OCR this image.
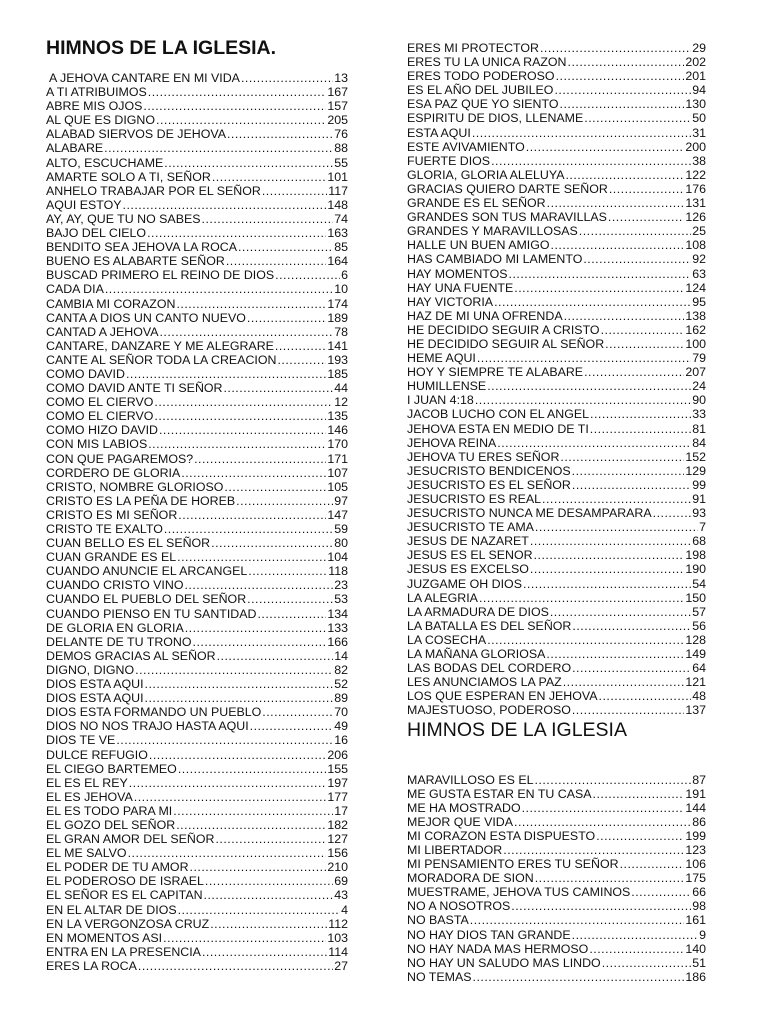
HIMNOS DE LA IGLESIA.
A JEHOVA CANTARE EN MI VIDA .....	13
A TI ATRIBUIMOS .....	167
ABRE MIS OJOS .....	157
AL QUE ES DIGNO .....	205
ALABAD SIERVOS DE JEHOVA .....	76
ALABARE .....	88
ALTO, ESCUCHAME .....	55
AMARTE SOLO A TI, SEÑOR .....	101
ANHELO TRABAJAR POR EL SEÑOR .....	117
AQUI ESTOY .....	148
AY, AY, QUE TU NO SABES .....	74
BAJO DEL CIELO .....	163
BENDITO SEA JEHOVA LA ROCA .....	85
BUENO ES ALABARTE SEÑOR .....	164
BUSCAD PRIMERO EL REINO DE DIOS .....	6
CADA DIA .....	10
CAMBIA MI CORAZON .....	174
CANTA A DIOS UN CANTO NUEVO .....	189
CANTAD A JEHOVA .....	78
CANTARE, DANZARE Y ME ALEGRARE .....	141
CANTE AL SEÑOR TODA LA CREACION .....	193
COMO DAVID .....	185
COMO DAVID ANTE TI SEÑOR .....	44
COMO EL CIERVO .....	12
COMO EL CIERVO .....	135
COMO HIZO DAVID .....	146
CON MIS LABIOS .....	170
CON QUE PAGAREMOS? .....	171
CORDERO DE GLORIA .....	107
CRISTO, NOMBRE GLORIOSO .....	105
CRISTO ES LA PEÑA DE HOREB .....	97
CRISTO ES MI SEÑOR .....	147
CRISTO TE EXALTO .....	59
CUAN BELLO ES EL SEÑOR .....	80
CUAN GRANDE ES EL .....	104
CUANDO ANUNCIE EL ARCANGEL .....	118
CUANDO CRISTO VINO .....	23
CUANDO EL PUEBLO DEL SEÑOR .....	53
CUANDO PIENSO EN TU SANTIDAD .....	134
DE GLORIA EN GLORIA .....	133
DELANTE DE TU TRONO .....	166
DEMOS GRACIAS AL SEÑOR .....	14
DIGNO, DIGNO .....	82
DIOS ESTA AQUI .....	52
DIOS ESTA AQUI .....	89
DIOS ESTA FORMANDO UN PUEBLO .....	70
DIOS NO NOS TRAJO HASTA AQUI .....	49
DIOS TE VE .....	16
DULCE REFUGIO .....	206
EL CIEGO BARTEMEO .....	155
EL ES EL REY .....	197
EL ES JEHOVA .....	177
EL ES TODO PARA MI .....	17
EL GOZO DEL SEÑOR .....	182
EL GRAN AMOR DEL SEÑOR .....	127
EL ME SALVO .....	156
EL PODER DE TU AMOR .....	210
EL PODEROSO DE ISRAEL .....	69
EL SEÑOR ES EL CAPITAN .....	43
EN EL ALTAR DE DIOS .....	4
EN LA VERGONZOSA CRUZ .....	112
EN MOMENTOS ASI .....	103
ENTRA EN LA PRESENCIA .....	114
ERES LA ROCA .....	27
ERES MI PROTECTOR .....	29
ERES TU LA UNICA RAZON .....	202
ERES TODO PODEROSO .....	201
ES EL AÑO DEL JUBILEO .....	94
ESA PAZ QUE YO SIENTO .....	130
ESPIRITU DE DIOS, LLENAME .....	50
ESTA AQUI .....	31
ESTE AVIVAMIENTO .....	200
FUERTE DIOS .....	38
GLORIA, GLORIA ALELUYA .....	122
GRACIAS QUIERO DARTE SEÑOR .....	176
GRANDE ES EL SEÑOR .....	131
GRANDES SON TUS MARAVILLAS .....	126
GRANDES Y MARAVILLOSAS .....	25
HALLE UN BUEN AMIGO .....	108
HAS CAMBIADO MI LAMENTO .....	92
HAY MOMENTOS .....	63
HAY UNA FUENTE .....	124
HAY VICTORIA .....	95
HAZ DE MI UNA OFRENDA .....	138
HE DECIDIDO SEGUIR A CRISTO .....	162
HE DECIDIDO SEGUIR AL SEÑOR .....	100
HEME AQUI .....	79
HOY Y SIEMPRE TE ALABARE .....	207
HUMILLENSE .....	24
I JUAN 4:18 .....	90
JACOB LUCHO CON EL ANGEL .....	33
JEHOVA ESTA EN MEDIO DE TI .....	81
JEHOVA REINA .....	84
JEHOVA TU ERES SEÑOR .....	152
JESUCRISTO BENDICENOS .....	129
JESUCRISTO ES EL SEÑOR .....	99
JESUCRISTO ES REAL .....	91
JESUCRISTO NUNCA ME DESAMPARARA .....	93
JESUCRISTO TE AMA .....	7
JESUS DE NAZARET .....	68
JESUS ES EL SENOR .....	198
JESUS ES EXCELSO .....	190
JUZGAME OH DIOS .....	54
LA ALEGRIA .....	150
LA ARMADURA DE DIOS .....	57
LA BATALLA ES DEL SEÑOR .....	56
LA COSECHA .....	128
LA MAÑANA GLORIOSA .....	149
LAS BODAS DEL CORDERO .....	64
LES ANUNCIAMOS LA PAZ .....	121
LOS QUE ESPERAN EN JEHOVA .....	48
MAJESTUOSO, PODEROSO .....	137
HIMNOS DE LA IGLESIA
MARAVILLOSO ES EL .....	87
ME GUSTA ESTAR EN TU CASA .....	191
ME HA MOSTRADO .....	144
MEJOR QUE VIDA .....	86
MI CORAZON ESTA DISPUESTO .....	199
MI LIBERTADOR .....	123
MI PENSAMIENTO ERES TU SEÑOR .....	106
MORADORA DE SION .....	175
MUESTRAME, JEHOVA TUS CAMINOS .....	66
NO A NOSOTROS .....	98
NO BASTA .....	161
NO HAY DIOS TAN GRANDE .....	9
NO HAY NADA MAS HERMOSO .....	140
NO HAY UN SALUDO MAS LINDO .....	51
NO TEMAS .....	186
